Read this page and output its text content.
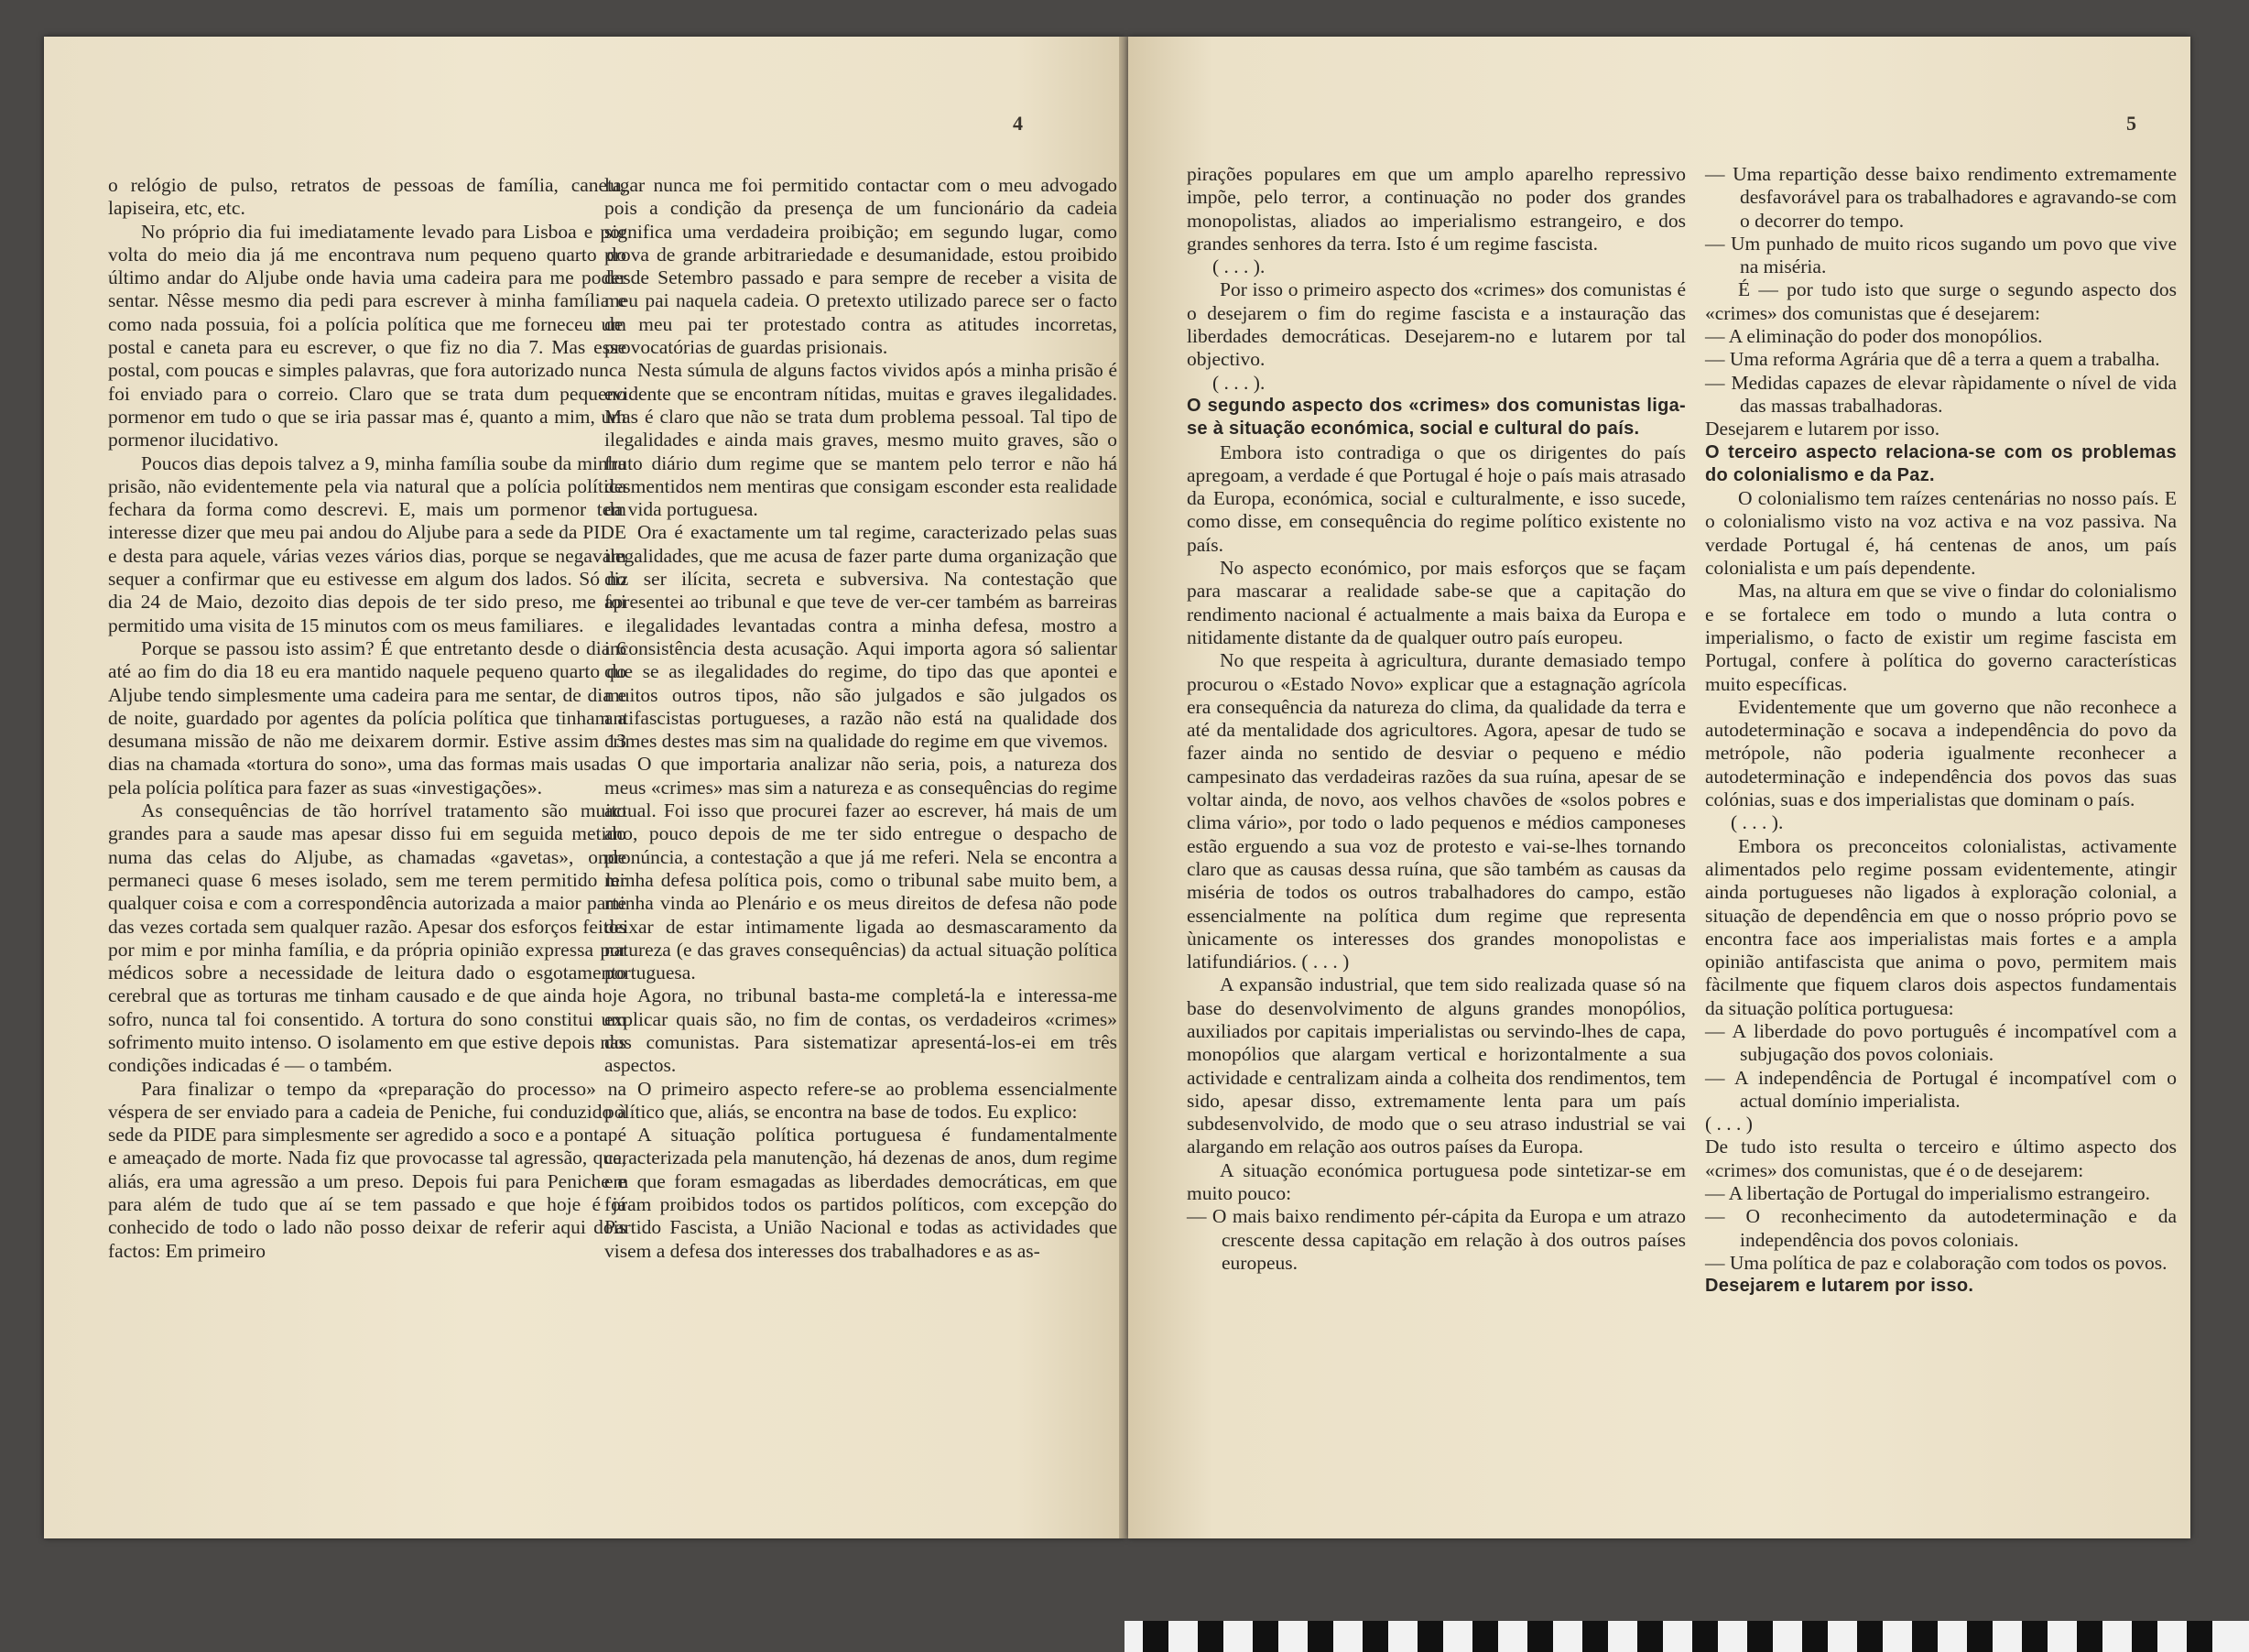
4

o relógio de pulso, retratos de pessoas de família, caneta, lapiseira, etc, etc.

No próprio dia fui imediatamente levado para Lisboa e por volta do meio dia já me encontrava num pequeno quarto do último andar do Aljube onde havia uma cadeira para me poder sentar. Nêsse mesmo dia pedi para escrever à minha família e como nada possuia, foi a polícia política que me forneceu um postal e caneta para eu escrever, o que fiz no dia 7. Mas esse postal, com poucas e simples palavras, que fora autorizado nunca foi enviado para o correio. Claro que se trata dum pequeno pormenor em tudo o que se iria passar mas é, quanto a mim, um pormenor ilucidativo.

Poucos dias depois talvez a 9, minha família soube da minha prisão, não evidentemente pela via natural que a polícia política fechara da forma como descrevi. E, mais um pormenor tem interesse dizer que meu pai andou do Aljube para a sede da PIDE e desta para aquele, várias vezes vários dias, porque se negavam sequer a confirmar que eu estivesse em algum dos lados. Só no dia 24 de Maio, dezoito dias depois de ter sido preso, me foi permitido uma visita de 15 minutos com os meus familiares.

Porque se passou isto assim? É que entretanto desde o dia 6 até ao fim do dia 18 eu era mantido naquele pequeno quarto do Aljube tendo simplesmente uma cadeira para me sentar, de dia e de noite, guardado por agentes da polícia política que tinham a desumana missão de não me deixarem dormir. Estive assim 13 dias na chamada «tortura do sono», uma das formas mais usadas pela polícia política para fazer as suas «investigações».

As consequências de tão horrível tratamento são muito grandes para a saude mas apesar disso fui em seguida metido numa das celas do Aljube, as chamadas «gavetas», onde permaneci quase 6 meses isolado, sem me terem permitido ler qualquer coisa e com a correspondência autorizada a maior parte das vezes cortada sem qualquer razão. Apesar dos esforços feitos por mim e por minha família, e da própria opinião expressa por médicos sobre a necessidade de leitura dado o esgotamento cerebral que as torturas me tinham causado e de que ainda hoje sofro, nunca tal foi consentido. A tortura do sono constitui um sofrimento muito intenso. O isolamento em que estive depois nas condições indicadas é — o também.

Para finalizar o tempo da «preparação do processo» na véspera de ser enviado para a cadeia de Peniche, fui conduzido à sede da PIDE para simplesmente ser agredido a soco e a pontapé e ameaçado de morte. Nada fiz que provocasse tal agressão, que, aliás, era uma agressão a um preso. Depois fui para Peniche e para além de tudo que aí se tem passado e que hoje é já conhecido de todo o lado não posso deixar de referir aqui dois factos: Em primeiro

lugar nunca me foi permitido contactar com o meu advogado pois a condição da presença de um funcionário da cadeia significa uma verdadeira proibição; em segundo lugar, como prova de grande arbitrariedade e desumanidade, estou proibido desde Setembro passado e para sempre de receber a visita de meu pai naquela cadeia. O pretexto utilizado parece ser o facto de meu pai ter protestado contra as atitudes incorretas, provocatórias de guardas prisionais.

Nesta súmula de alguns factos vividos após a minha prisão é evidente que se encontram nítidas, muitas e graves ilegalidades. Mas é claro que não se trata dum problema pessoal. Tal tipo de ilegalidades e ainda mais graves, mesmo muito graves, são o fruto diário dum regime que se mantem pelo terror e não há desmentidos nem mentiras que consigam esconder esta realidade da vida portuguesa.

Ora é exactamente um tal regime, caracterizado pelas suas ilegalidades, que me acusa de fazer parte duma organização que diz ser ilícita, secreta e subversiva. Na contestação que apresentei ao tribunal e que teve de ver-cer também as barreiras e ilegalidades levantadas contra a minha defesa, mostro a inconsistência desta acusação. Aqui importa agora só salientar que se as ilegalidades do regime, do tipo das que apontei e muitos outros tipos, não são julgados e são julgados os antifascistas portugueses, a razão não está na qualidade dos crimes destes mas sim na qualidade do regime em que vivemos.

O que importaria analizar não seria, pois, a natureza dos meus «crimes» mas sim a natureza e as consequências do regime actual. Foi isso que procurei fazer ao escrever, há mais de um ano, pouco depois de me ter sido entregue o despacho de pronúncia, a contestação a que já me referi. Nela se encontra a minha defesa política pois, como o tribunal sabe muito bem, a minha vinda ao Plenário e os meus direitos de defesa não pode deixar de estar intimamente ligada ao desmascaramento da natureza (e das graves consequências) da actual situação política portuguesa.

Agora, no tribunal basta-me completá-la e interessa-me explicar quais são, no fim de contas, os verdadeiros «crimes» dos comunistas. Para sistematizar apresentá-los-ei em três aspectos.

O primeiro aspecto refere-se ao problema essencialmente político que, aliás, se encontra na base de todos. Eu explico:

A situação política portuguesa é fundamentalmente caracterizada pela manutenção, há dezenas de anos, dum regime em que foram esmagadas as liberdades democráticas, em que foram proibidos todos os partidos políticos, com excepção do Partido Fascista, a União Nacional e todas as actividades que visem a defesa dos interesses dos trabalhadores e as as-

5

pirações populares em que um amplo aparelho repressivo impõe, pelo terror, a continuação no poder dos grandes monopolistas, aliados ao imperialismo estrangeiro, e dos grandes senhores da terra. Isto é um regime fascista.

( . . . ).

Por isso o primeiro aspecto dos «crimes» dos comunistas é o desejarem o fim do regime fascista e a instauração das liberdades democráticas. Desejarem-no e lutarem por tal objectivo.

( . . . ).

O segundo aspecto dos «crimes» dos comunistas liga-se à situação económica, social e cultural do país.

Embora isto contradiga o que os dirigentes do país apregoam, a verdade é que Portugal é hoje o país mais atrasado da Europa, económica, social e culturalmente, e isso sucede, como disse, em consequência do regime político existente no país.

No aspecto económico, por mais esforços que se façam para mascarar a realidade sabe-se que a capitação do rendimento nacional é actualmente a mais baixa da Europa e nitidamente distante da de qualquer outro país europeu.

No que respeita à agricultura, durante demasiado tempo procurou o «Estado Novo» explicar que a estagnação agrícola era consequência da natureza do clima, da qualidade da terra e até da mentalidade dos agricultores. Agora, apesar de tudo se fazer ainda no sentido de desviar o pequeno e médio campesinato das verdadeiras razões da sua ruína, apesar de se voltar ainda, de novo, aos velhos chavões de «solos pobres e clima vário», por todo o lado pequenos e médios camponeses estão erguendo a sua voz de protesto e vai-se-lhes tornando claro que as causas dessa ruína, que são também as causas da miséria de todos os outros trabalhadores do campo, estão essencialmente na política dum regime que representa ùnicamente os interesses dos grandes monopolistas e latifundiários. ( . . . )

A expansão industrial, que tem sido realizada quase só na base do desenvolvimento de alguns grandes monopólios, auxiliados por capitais imperialistas ou servindo-lhes de capa, monopólios que alargam vertical e horizontalmente a sua actividade e centralizam ainda a colheita dos rendimentos, tem sido, apesar disso, extremamente lenta para um país subdesenvolvido, de modo que o seu atraso industrial se vai alargando em relação aos outros países da Europa.

A situação económica portuguesa pode sintetizar-se em muito pouco:

— O mais baixo rendimento pér-cápita da Europa e um atrazo crescente dessa capitação em relação à dos outros países europeus.

— Uma repartição desse baixo rendimento extremamente desfavorável para os trabalhadores e agravando-se com o decorrer do tempo.

— Um punhado de muito ricos sugando um povo que vive na miséria.

É — por tudo isto que surge o segundo aspecto dos «crimes» dos comunistas que é desejarem:

— A eliminação do poder dos monopólios.

— Uma reforma Agrária que dê a terra a quem a trabalha.

— Medidas capazes de elevar ràpidamente o nível de vida das massas trabalhadoras.

Desejarem e lutarem por isso.

O terceiro aspecto relaciona-se com os problemas do colonialismo e da Paz.

O colonialismo tem raízes centenárias no nosso país. E o colonialismo visto na voz activa e na voz passiva. Na verdade Portugal é, há centenas de anos, um país colonialista e um país dependente.

Mas, na altura em que se vive o findar do colonialismo e se fortalece em todo o mundo a luta contra o imperialismo, o facto de existir um regime fascista em Portugal, confere à política do governo características muito específicas.

Evidentemente que um governo que não reconhece a autodeterminação e socava a independência do povo da metrópole, não poderia igualmente reconhecer a autodeterminação e independência dos povos das suas colónias, suas e dos imperialistas que dominam o país.

( . . . ).

Embora os preconceitos colonialistas, activamente alimentados pelo regime possam evidentemente, atingir ainda portugueses não ligados à exploração colonial, a situação de dependência em que o nosso próprio povo se encontra face aos imperialistas mais fortes e a ampla opinião antifascista que anima o povo, permitem mais fàcilmente que fiquem claros dois aspectos fundamentais da situação política portuguesa:

— A liberdade do povo português é incompatível com a subjugação dos povos coloniais.

— A independência de Portugal é incompatível com o actual domínio imperialista.

( . . . )

De tudo isto resulta o terceiro e último aspecto dos «crimes» dos comunistas, que é o de desejarem:

— A libertação de Portugal do imperialismo estrangeiro.

— O reconhecimento da autodeterminação e da independência dos povos coloniais.

— Uma política de paz e colaboração com todos os povos.

Desejarem e lutarem por isso.
